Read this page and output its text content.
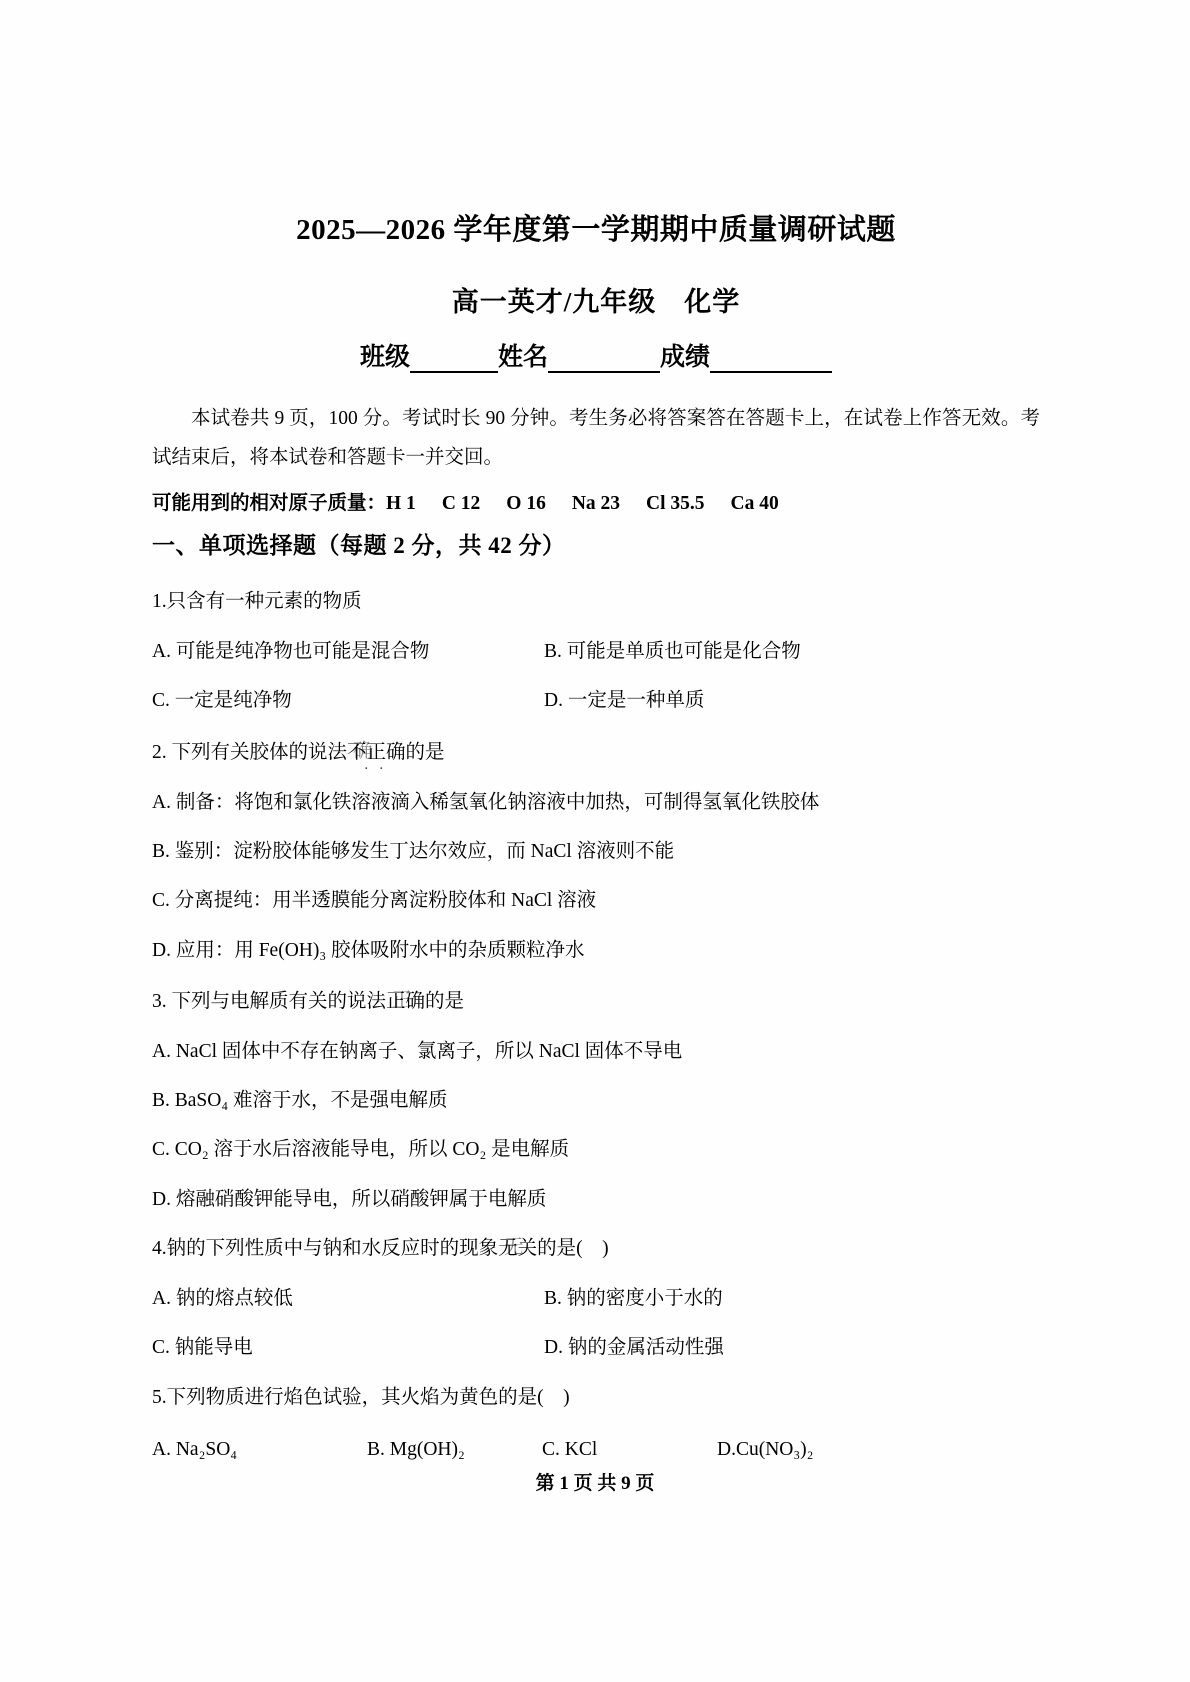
2025—2026 学年度第一学期期中质量调研试题
高一英才/九年级　化学
班级	姓名	成绩
本试卷共 9 页，100 分。考试时长 90 分钟。考生务必将答案答在答题卡上，在试卷上作答无效。考试结束后，将本试卷和答题卡一并交回。
可能用到的相对原子质量：H 1 C 12 O 16 Na 23 Cl 35.5 Ca 40
一、单项选择题（每题 2 分，共 42 分）
1.只含有一种元素的物质
A. 可能是纯净物也可能是混合物	B. 可能是单质也可能是化合物
C. 一定是纯净物	D. 一定是一种单质
2. 下列有关胶体的说法确 不正确 ··的是
A. 制备：将饱和氯化铁溶液滴入稀氢氧化钠溶液中加热，可制得氢氧化铁胶体
B. 鉴别：淀粉胶体能够发生丁达尔效应，而 NaCl 溶液则不能
C. 分离提纯：用半透膜能分离淀粉胶体和 NaCl 溶液
D. 应用：用 Fe(OH)₃ 胶体吸附水中的杂质颗粒净水
3. 下列与电解质有关的说法正 正确的是
A. NaCl 固体中不存在钠离子、氯离子，所以 NaCl 固体不导电
B. BaSO₄ 难溶于水，不是强电解质
C. CO₂ 溶于水后溶液能导电，所以 CO₂ 是电解质
D. 熔融硝酸钾能导电，所以硝酸钾属于电解质
4.钠的下列性质中与钠和水反应时的现象无 无关的是(　)
A. 钠的熔点较低	B. 钠的密度小于水的
C. 钠能导电	D. 钠的金属活动性强
5.下列物质进行焰色试验，其火焰为黄色的是(　)
A. Na₂SO₄	B. Mg(OH)₂	C. KCl	D.Cu(NO₃)₂
第 1 页 共 9 页
